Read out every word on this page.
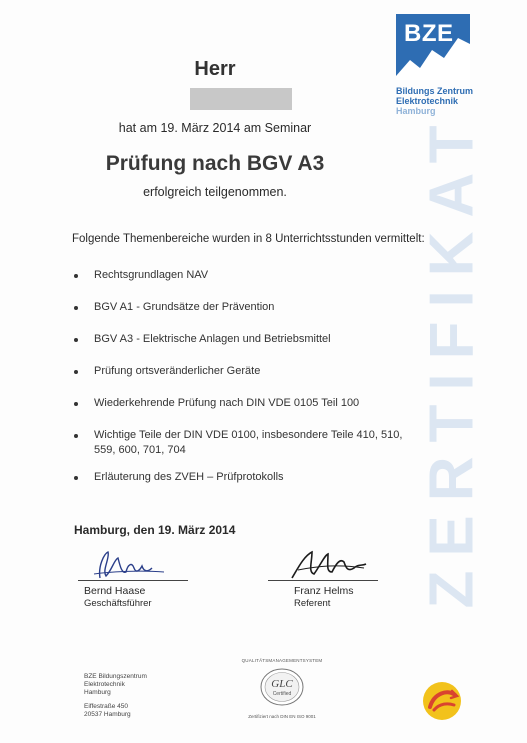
BZE
Bildungs Zentrum
Elektrotechnik
Hamburg
ZERTIFIKAT
Herr
hat am 19. März 2014 am Seminar
Prüfung nach BGV A3
erfolgreich teilgenommen.
Folgende Themenbereiche wurden in 8 Unterrichtsstunden vermittelt:
Rechtsgrundlagen NAV
BGV A1 - Grundsätze der Prävention
BGV A3 - Elektrische Anlagen und Betriebsmittel
Prüfung ortsveränderlicher Geräte
Wiederkehrende Prüfung nach DIN VDE 0105 Teil 100
Wichtige Teile der DIN VDE 0100, insbesondere Teile 410, 510, 559, 600, 701, 704
Erläuterung des ZVEH – Prüfprotokolls
Hamburg, den 19. März 2014
Bernd Haase
Geschäftsführer
Franz Helms
Referent
BZE Bildungszentrum
Elektrotechnik
Hamburg
Eiffestraße 450
20537 Hamburg
QUALITÄTSMANAGEMENTSYSTEM
GLC
Certified
Zertifiziert nach DIN EN ISO 9001
